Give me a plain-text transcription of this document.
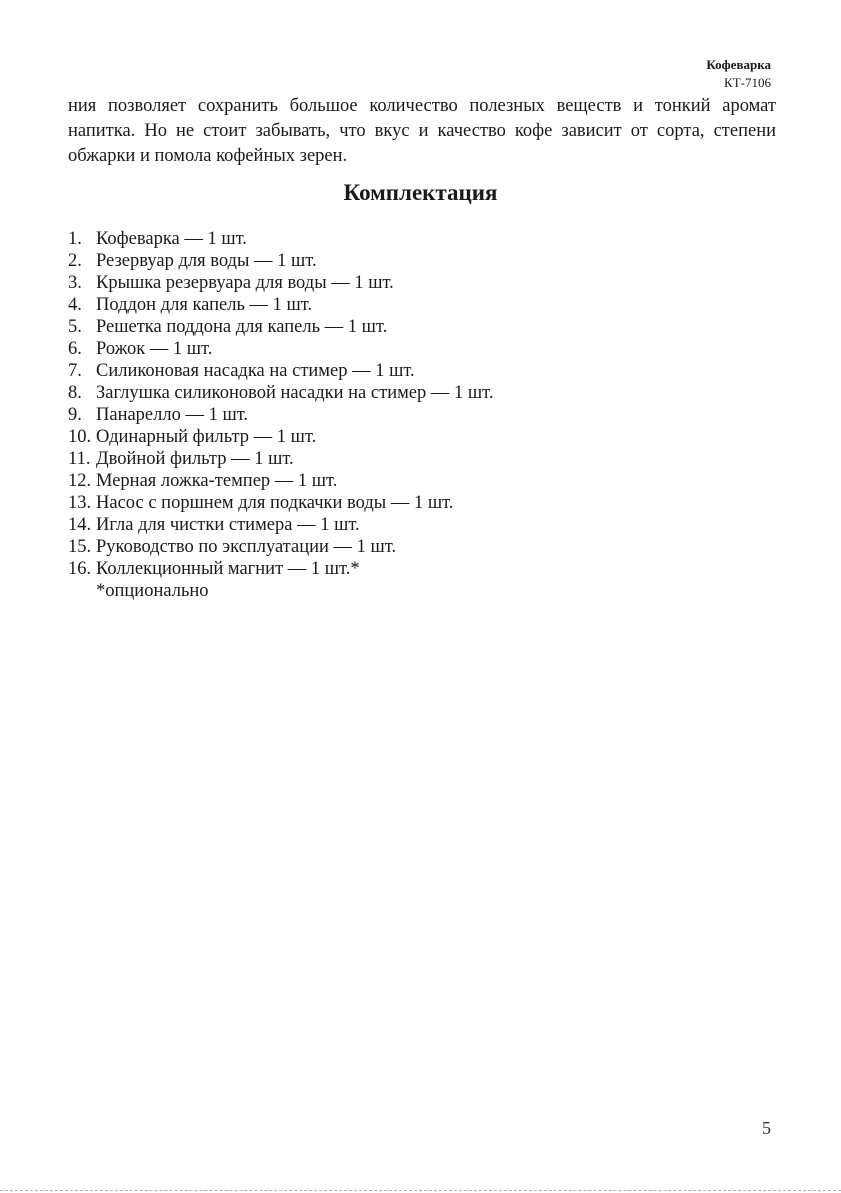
Кофеварка
КТ-7106

ния позволяет сохранить большое количество полезных веществ и тонкий аромат напитка. Но не стоит забывать, что вкус и качество кофе зависит от сорта, степени обжарки и помола кофейных зерен.

Комплектация
1. Кофеварка — 1 шт.
2. Резервуар для воды — 1 шт.
3. Крышка резервуара для воды — 1 шт.
4. Поддон для капель — 1 шт.
5. Решетка поддона для капель — 1 шт.
6. Рожок — 1 шт.
7. Силиконовая насадка на стимер — 1 шт.
8. Заглушка силиконовой насадки на стимер — 1 шт.
9. Панарелло — 1 шт.
10. Одинарный фильтр — 1 шт.
11. Двойной фильтр — 1 шт.
12. Мерная ложка-темпер — 1 шт.
13. Насос с поршнем для подкачки воды — 1 шт.
14. Игла для чистки стимера — 1 шт.
15. Руководство по эксплуатации — 1 шт.
16. Коллекционный магнит — 1 шт.*

*опционально

5
